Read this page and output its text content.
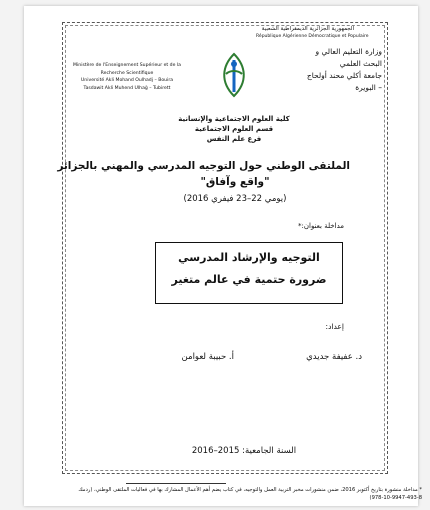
الجمهورية الجزائرية الديمقراطية الشعبية
République Algérienne Démocratique et Populaire
Ministère de l'Enseignement Supérieur et de la Recherche Scientifique
Université Akli Mohand Oulhadj – Bouira
Tasdawit Akli Muhend Ulhağ – Tubirett
وزارة التعليم العالي و البحث العلمي
جامعة أكلي محند أولحاج – البويرة
كلية العلوم الاجتماعية والإنسانية
قسم العلوم الاجتماعية
فرع علم النفس
الملتقى الوطني حول التوجيه المدرسي والمهني بالجزائر
"واقع وآفاق"
(يومي 22–23 فيفري 2016)
مداخلة بعنوان:*
التوجيه والإرشاد المدرسي
ضرورة حتمية في عالم متغير
إعداد:
د. عفيفة جديدي
أ. حبيبة لعوامن
السنة الجامعية: 2015–2016
* مداخلة منشورة بتاريخ أكتوبر 2016، ضمن منشورات مخبر التربية العمل والتوجيه، في كتاب يضم أهم الأعمال المشارك بها في فعاليات الملتقى الوطني، (ردمك 8-493-9947-10-978)
